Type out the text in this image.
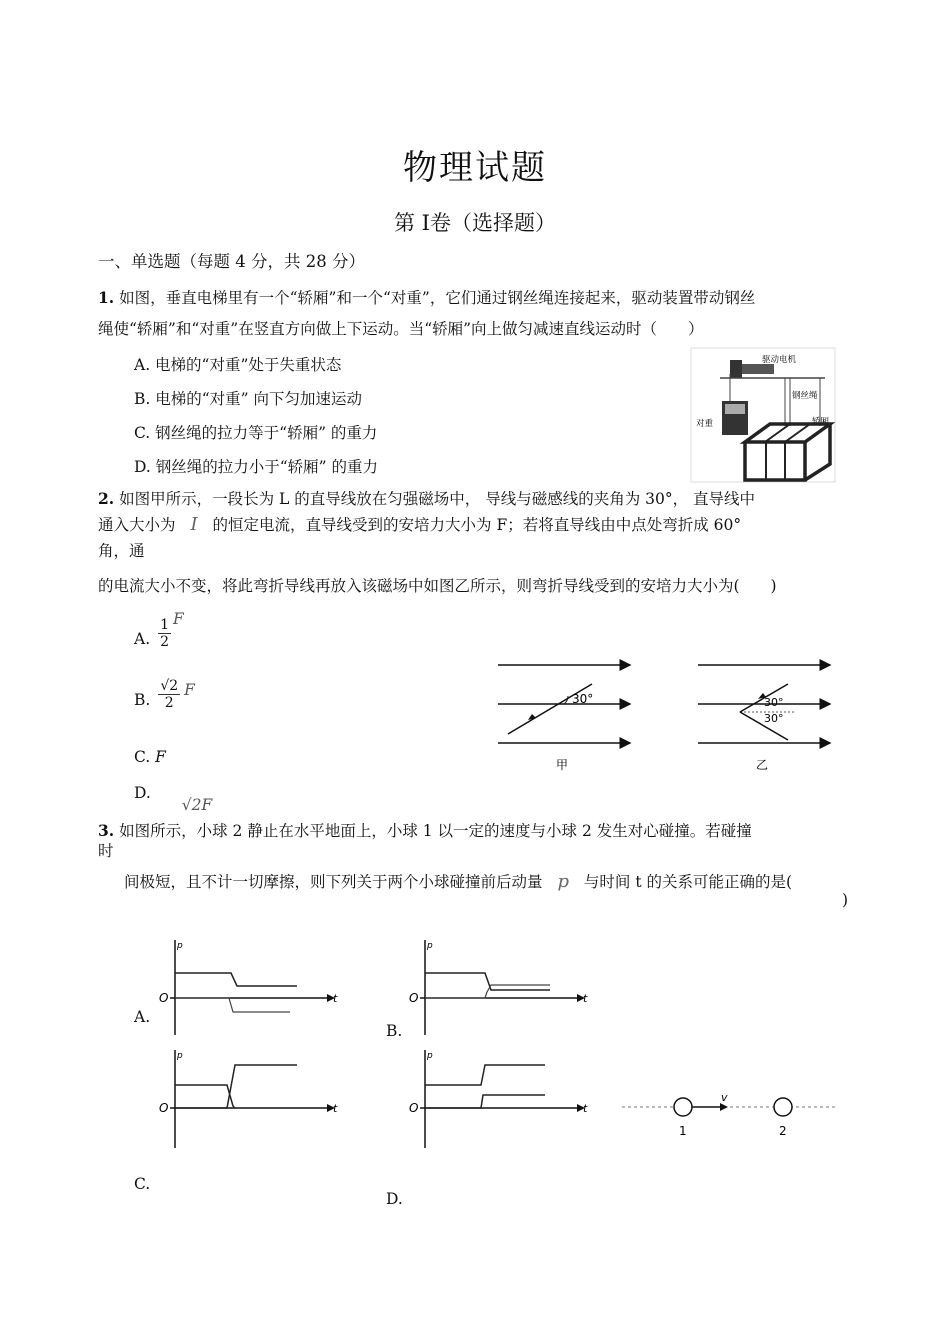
物理试题
第 I卷（选择题）
一、单选题（每题 4 分，共 28 分）
1. 如图，垂直电梯里有一个“轿厢”和一个“对重”，它们通过钢丝绳连接起来，驱动装置带动钢丝
绳使“轿厢”和“对重”在竖直方向做上下运动。当“轿厢”向上做匀减速直线运动时（　　）
A. 电梯的“对重”处于失重状态
B. 电梯的“对重” 向下匀加速运动
C. 钢丝绳的拉力等于“轿厢” 的重力
D. 钢丝绳的拉力小于“轿厢” 的重力
驱动电机
钢丝绳
对重	轿厢
2. 如图甲所示，一段长为 L 的直导线放在匀强磁场中， 导线与磁感线的夹角为 30°， 直导线中
通入大小为 I 的恒定电流，直导线受到的安培力大小为 F；若将直导线由中点处弯折成 60°
角，通
的电流大小不变，将此弯折导线再放入该磁场中如图乙所示，则弯折导线受到的安培力大小为(　　)
A. $\frac{1}{2}$ F
B. $\frac{√2}{2}$ F
C. F
D. √2F
30°
甲
30°
30°
乙
3. 如图所示，小球 2 静止在水平地面上，小球 1 以一定的速度与小球 2 发生对心碰撞。若碰撞
时
间极短，且不计一切摩擦，则下列关于两个小球碰撞前后动量 p 与时间 t 的关系可能正确的是(
)
p
t
O
A.
p
t
O
B.
p
t
O
C.
p
t
O
D.
v
1	2
